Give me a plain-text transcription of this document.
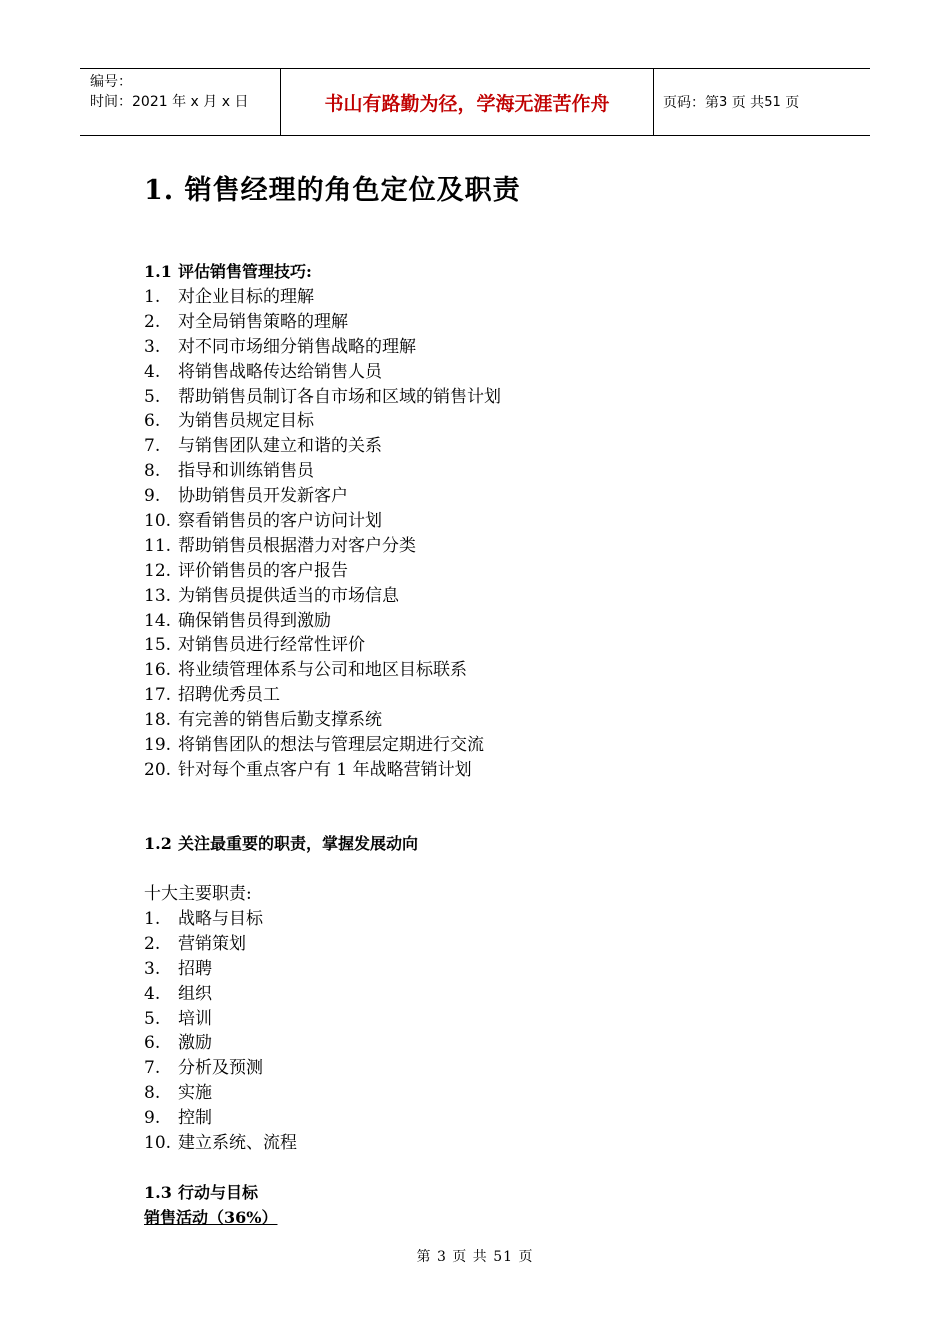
编号：
时间：2021 年 x 月 x 日	书山有路勤为径，学海无涯苦作舟	页码：第 3
页 共 51
页
1. 销售经理的角色定位及职责
1.1 评估销售管理技巧:
1. 对企业目标的理解
2. 对全局销售策略的理解
3. 对不同市场细分销售战略的理解
4. 将销售战略传达给销售人员
5. 帮助销售员制订各自市场和区域的销售计划
6. 为销售员规定目标
7. 与销售团队建立和谐的关系
8. 指导和训练销售员
9. 协助销售员开发新客户
10. 察看销售员的客户访问计划
11. 帮助销售员根据潜力对客户分类
12. 评价销售员的客户报告
13. 为销售员提供适当的市场信息
14. 确保销售员得到激励
15. 对销售员进行经常性评价
16. 将业绩管理体系与公司和地区目标联系
17. 招聘优秀员工
18. 有完善的销售后勤支撑系统
19. 将销售团队的想法与管理层定期进行交流
20. 针对每个重点客户有 1 年战略营销计划
1.2 关注最重要的职责，掌握发展动向

十大主要职责:

1. 战略与目标
2. 营销策划
3. 招聘
4. 组织
5. 培训
6. 激励
7. 分析及预测
8. 实施
9. 控制
10. 建立系统、流程
1.3 行动与目标

销售活动（36%）

第 3 页 共 51 页
